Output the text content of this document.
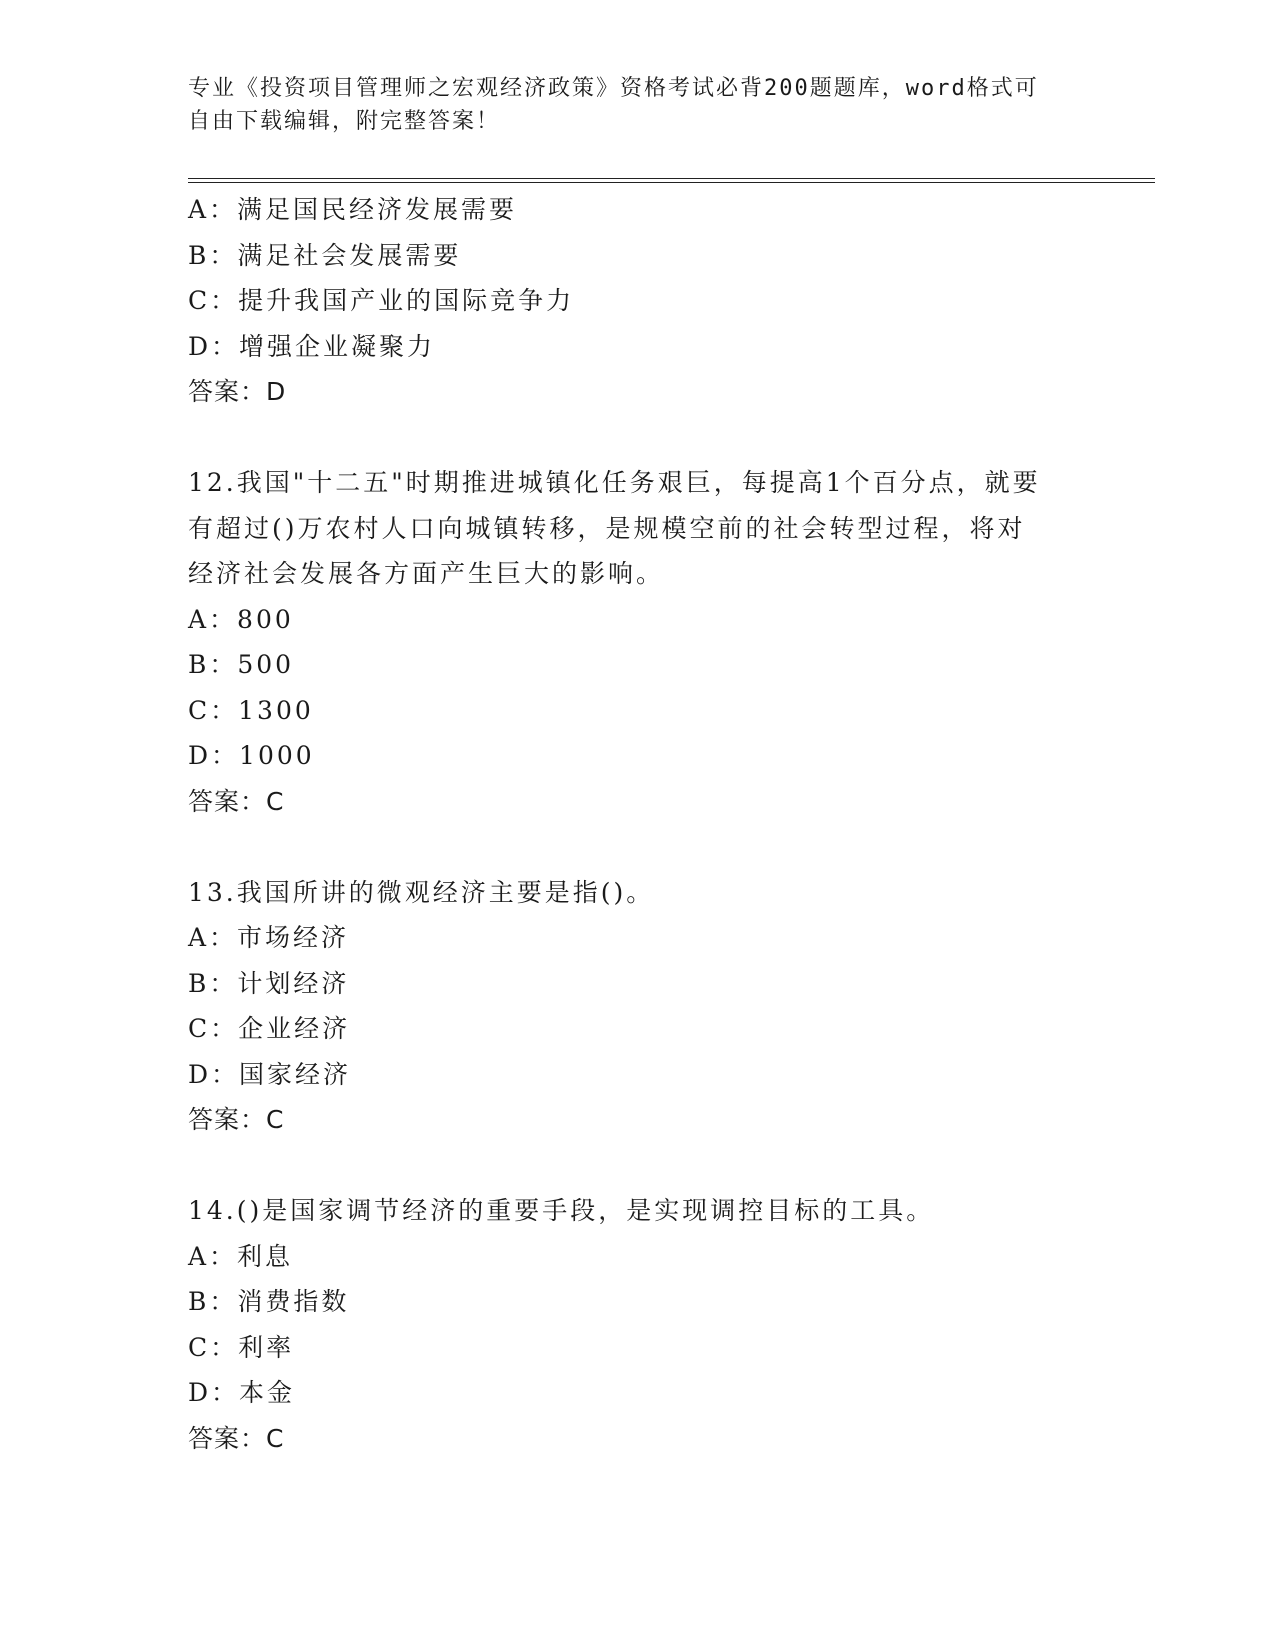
专业《投资项目管理师之宏观经济政策》资格考试必背200题题库，word格式可
自由下载编辑，附完整答案！
A：满足国民经济发展需要
B：满足社会发展需要
C：提升我国产业的国际竞争力
D：增强企业凝聚力
答案：D
12.我国"十二五"时期推进城镇化任务艰巨，每提高1个百分点，就要
有超过()万农村人口向城镇转移，是规模空前的社会转型过程，将对
经济社会发展各方面产生巨大的影响。
A：800
B：500
C：1300
D：1000
答案：C
13.我国所讲的微观经济主要是指()。
A：市场经济
B：计划经济
C：企业经济
D：国家经济
答案：C
14.()是国家调节经济的重要手段，是实现调控目标的工具。
A：利息
B：消费指数
C：利率
D：本金
答案：C
